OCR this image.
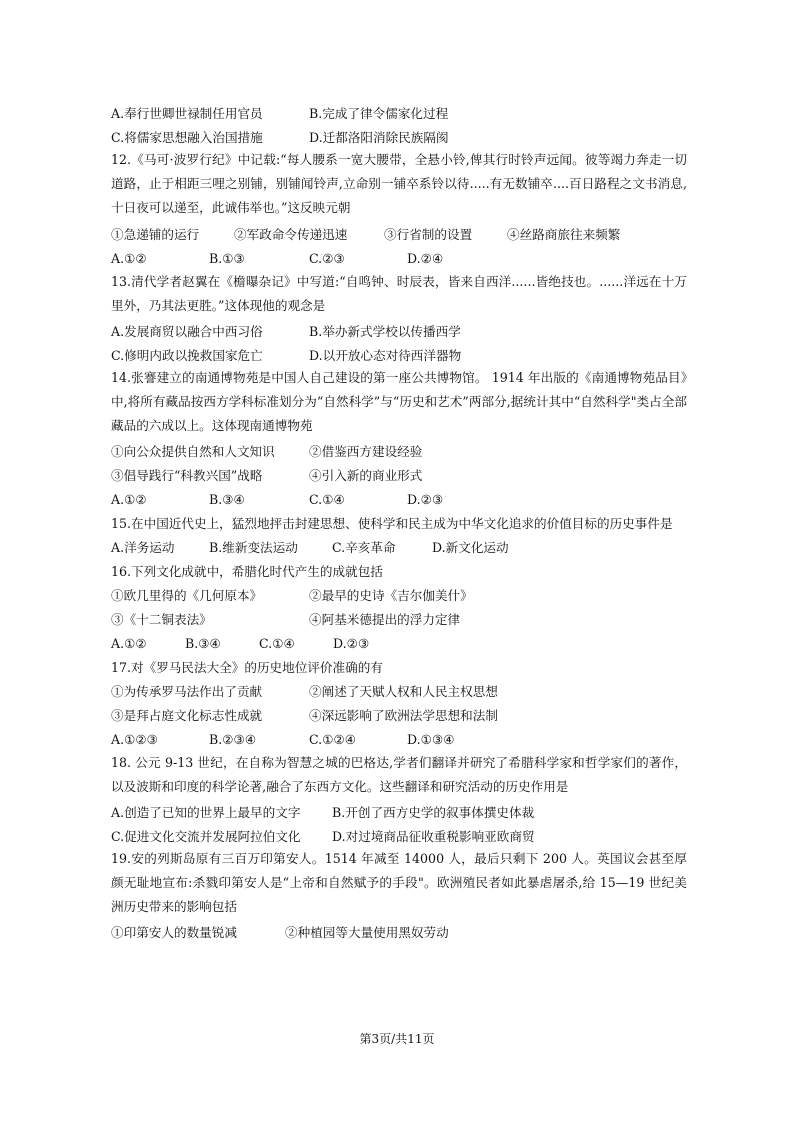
A.奉行世卿世禄制任用官员	B.完成了律令儒家化过程
C.将儒家思想融入治国措施	D.迁都洛阳消除民族隔阂
12.《马可·波罗行纪》中记载:“每人腰系一宽大腰带，全悬小铃,俾其行时铃声远闻。彼等竭力奔走一切道路，止于相距三哩之别铺，别铺闻铃声,立命别一铺卒系铃以待.....有无数铺卒....百日路程之文书消息,十日夜可以递至，此诚伟举也。”这反映元朝
①急递铺的运行	②军政命令传递迅速	③行省制的设置	④丝路商旅往来频繁
A.①②	B.①③	C.②③	D.②④
13.清代学者赵翼在《檐曝杂记》中写道:“自鸣钟、时辰表，皆来自西洋......皆绝技也。......洋远在十万里外，乃其法更胜。”这体现他的观念是
A.发展商贸以融合中西习俗	B.举办新式学校以传播西学
C.修明内政以挽救国家危亡	D.以开放心态对待西洋器物
14.张謇建立的南通博物苑是中国人自己建设的第一座公共博物馆。 1914 年出版的《南通博物苑品目》中,将所有藏品按西方学科标准划分为“自然科学”与“历史和艺术”两部分,据统计其中“自然科学"类占全部藏品的六成以上。这体现南通博物苑
①向公众提供自然和人文知识	②借鉴西方建设经验
③倡导践行“科教兴国”战略	④引入新的商业形式
A.①②	B.③④	C.①④	D.②③
15.在中国近代史上，猛烈地抨击封建思想、使科学和民主成为中华文化追求的价值目标的历史事件是
A.洋务运动	B.维新变法运动	C.辛亥革命	D.新文化运动
16.下列文化成就中，希腊化时代产生的成就包括
①欧几里得的《几何原本》	②最早的史诗《吉尔伽美什》
③《十二铜表法》	④阿基米德提出的浮力定律
A.①②	B.③④	C.①④	D.②③
17.对《罗马民法大全》的历史地位评价准确的有
①为传承罗马法作出了贡献	②阐述了天赋人权和人民主权思想
③是拜占庭文化标志性成就	④深远影响了欧洲法学思想和法制
A.①②③	B.②③④	C.①②④	D.①③④
18. 公元 9-13 世纪，在自称为智慧之城的巴格达,学者们翻译并研究了希腊科学家和哲学家们的著作，以及波斯和印度的科学论著,融合了东西方文化。这些翻译和研究活动的历史作用是
A.创造了已知的世界上最早的文字	B.开创了西方史学的叙事体撰史体裁
C.促进文化交流并发展阿拉伯文化 D.对过境商品征收重税影响亚欧商贸
19.安的列斯岛原有三百万印第安人。1514 年减至 14000 人，最后只剩下 200 人。英国议会甚至厚颜无耻地宣布:杀戮印第安人是“上帝和自然赋予的手段"。欧洲殖民者如此暴虐屠杀,给 15—19 世纪美洲历史带来的影响包括
①印第安人的数量锐减	②种植园等大量使用黑奴劳动
第3页/共11页
